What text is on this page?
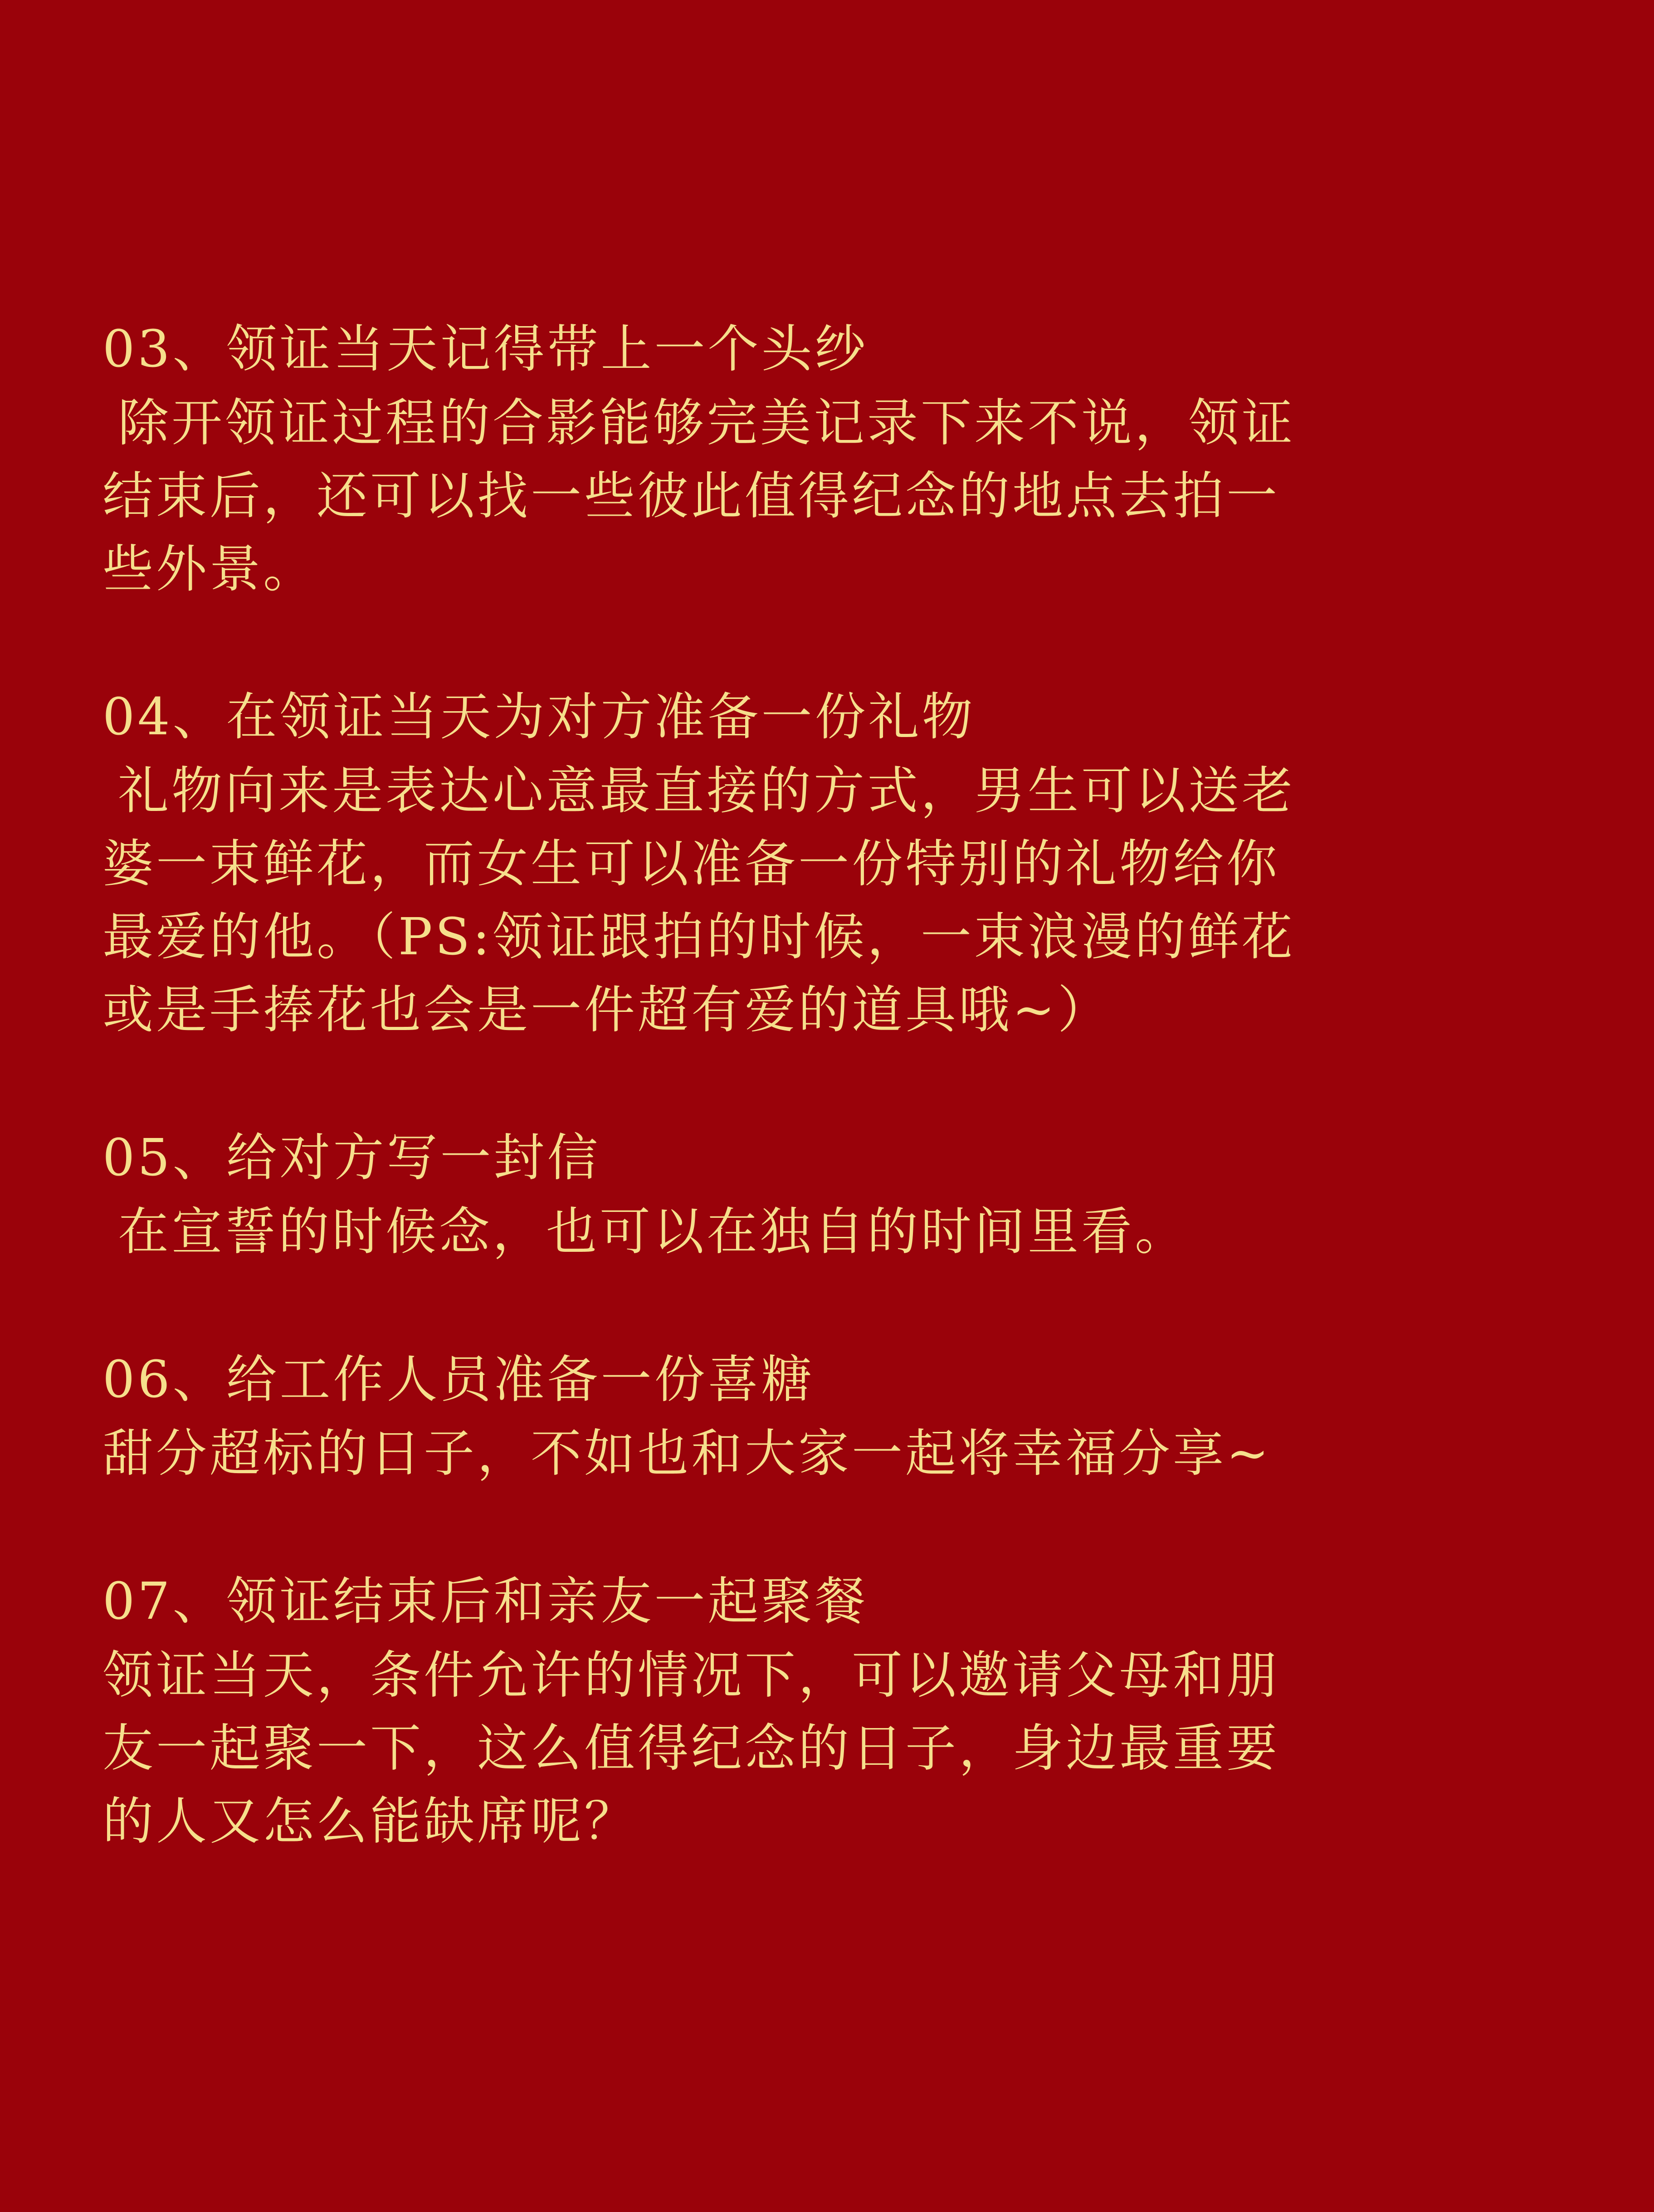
03、领证当天记得带上一个头纱
除开领证过程的合影能够完美记录下来不说，领证
结束后，还可以找一些彼此值得纪念的地点去拍一
些外景。
04、在领证当天为对方准备一份礼物
礼物向来是表达心意最直接的方式，男生可以送老
婆一束鲜花，而女生可以准备一份特别的礼物给你
最爱的他。（PS:领证跟拍的时候，一束浪漫的鲜花
或是手捧花也会是一件超有爱的道具哦~）
05、给对方写一封信
在宣誓的时候念，也可以在独自的时间里看。
06、给工作人员准备一份喜糖
甜分超标的日子，不如也和大家一起将幸福分享~
07、领证结束后和亲友一起聚餐
领证当天，条件允许的情况下，可以邀请父母和朋
友一起聚一下，这么值得纪念的日子，身边最重要
的人又怎么能缺席呢？
